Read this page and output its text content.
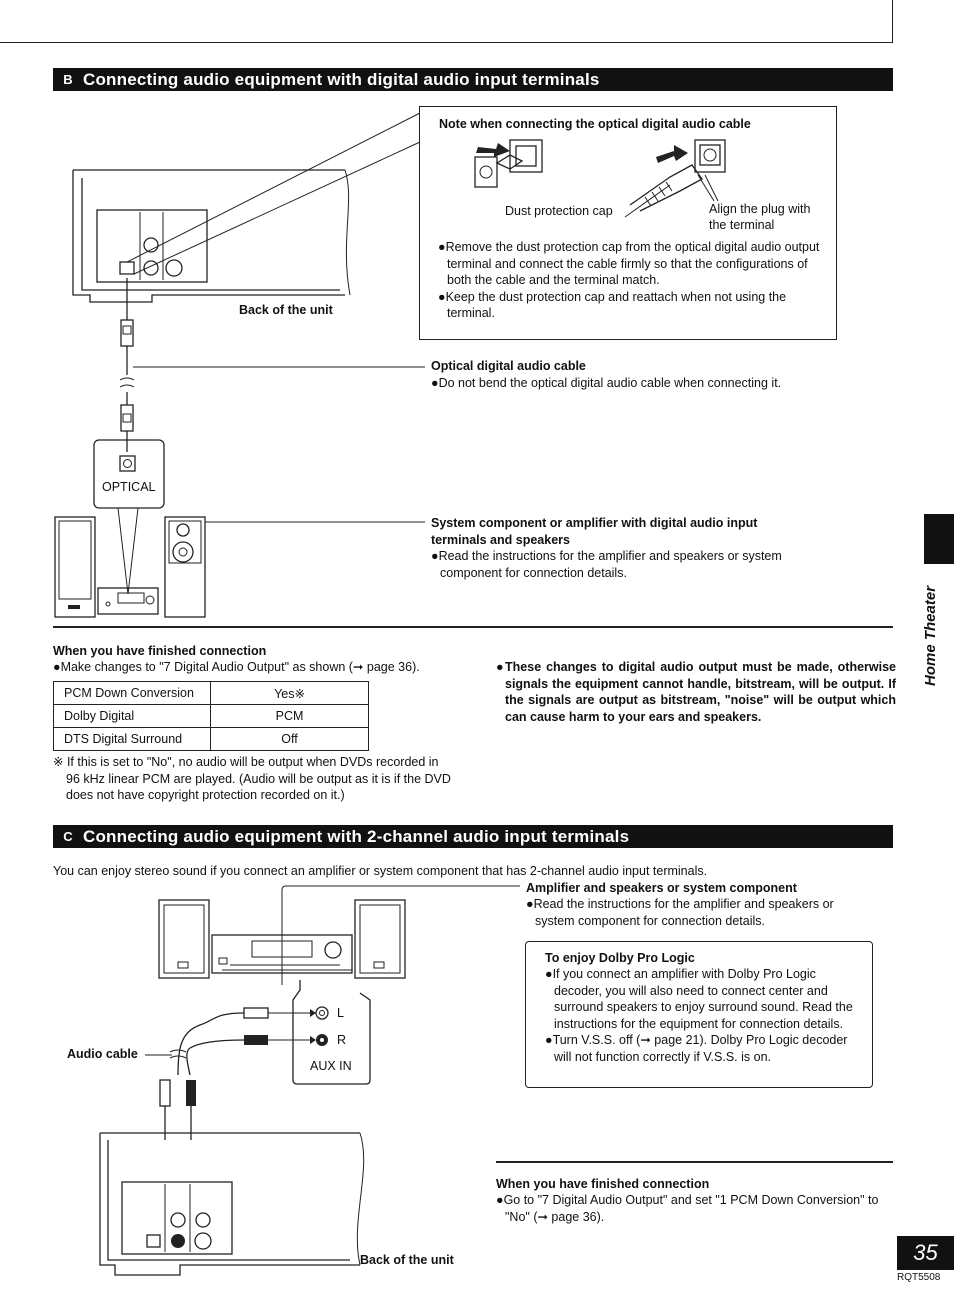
B Connecting audio equipment with digital audio input terminals
Note when connecting the optical digital audio cable
Dust protection cap	Align the plug with
the terminal
●Remove the dust protection cap from the optical digital audio output terminal and connect the cable firmly so that the configurations of both the cable and the terminal match.
●Keep the dust protection cap and reattach when not using the terminal.
Back of the unit
OPTICAL
Optical digital audio cable
●Do not bend the optical digital audio cable when connecting it.
System component or amplifier with digital audio input
terminals and speakers
●Read the instructions for the amplifier and speakers or system component for connection details.
When you have finished connection
●Make changes to "7 Digital Audio Output" as shown (➞ page 36).
PCM Down Conversion	Yes※
Dolby Digital	PCM
DTS Digital Surround	Off
※ If this is set to "No", no audio will be output when DVDs recorded in 96 kHz linear PCM are played. (Audio will be output as it is if the DVD does not have copyright protection recorded on it.)
●These changes to digital audio output must be made, otherwise signals the equipment cannot handle, bitstream, will be output. If the signals are output as bitstream, "noise" will be output which can cause harm to your ears and speakers.
C Connecting audio equipment with 2-channel audio input terminals
You can enjoy stereo sound if you connect an amplifier or system component that has 2-channel audio input terminals.
Amplifier and speakers or system component
●Read the instructions for the amplifier and speakers or system component for connection details.
To enjoy Dolby Pro Logic
●If you connect an amplifier with Dolby Pro Logic decoder, you will also need to connect center and surround speakers to enjoy surround sound. Read the instructions for the equipment for connection details.
●Turn V.S.S. off (➞ page 21). Dolby Pro Logic decoder will not function correctly if V.S.S. is on.
L
R
AUX IN
Audio cable
When you have finished connection
●Go to "7 Digital Audio Output" and set "1 PCM Down Conversion" to "No" (➞ page 36).
Back of the unit
Home Theater
35
RQT5508
